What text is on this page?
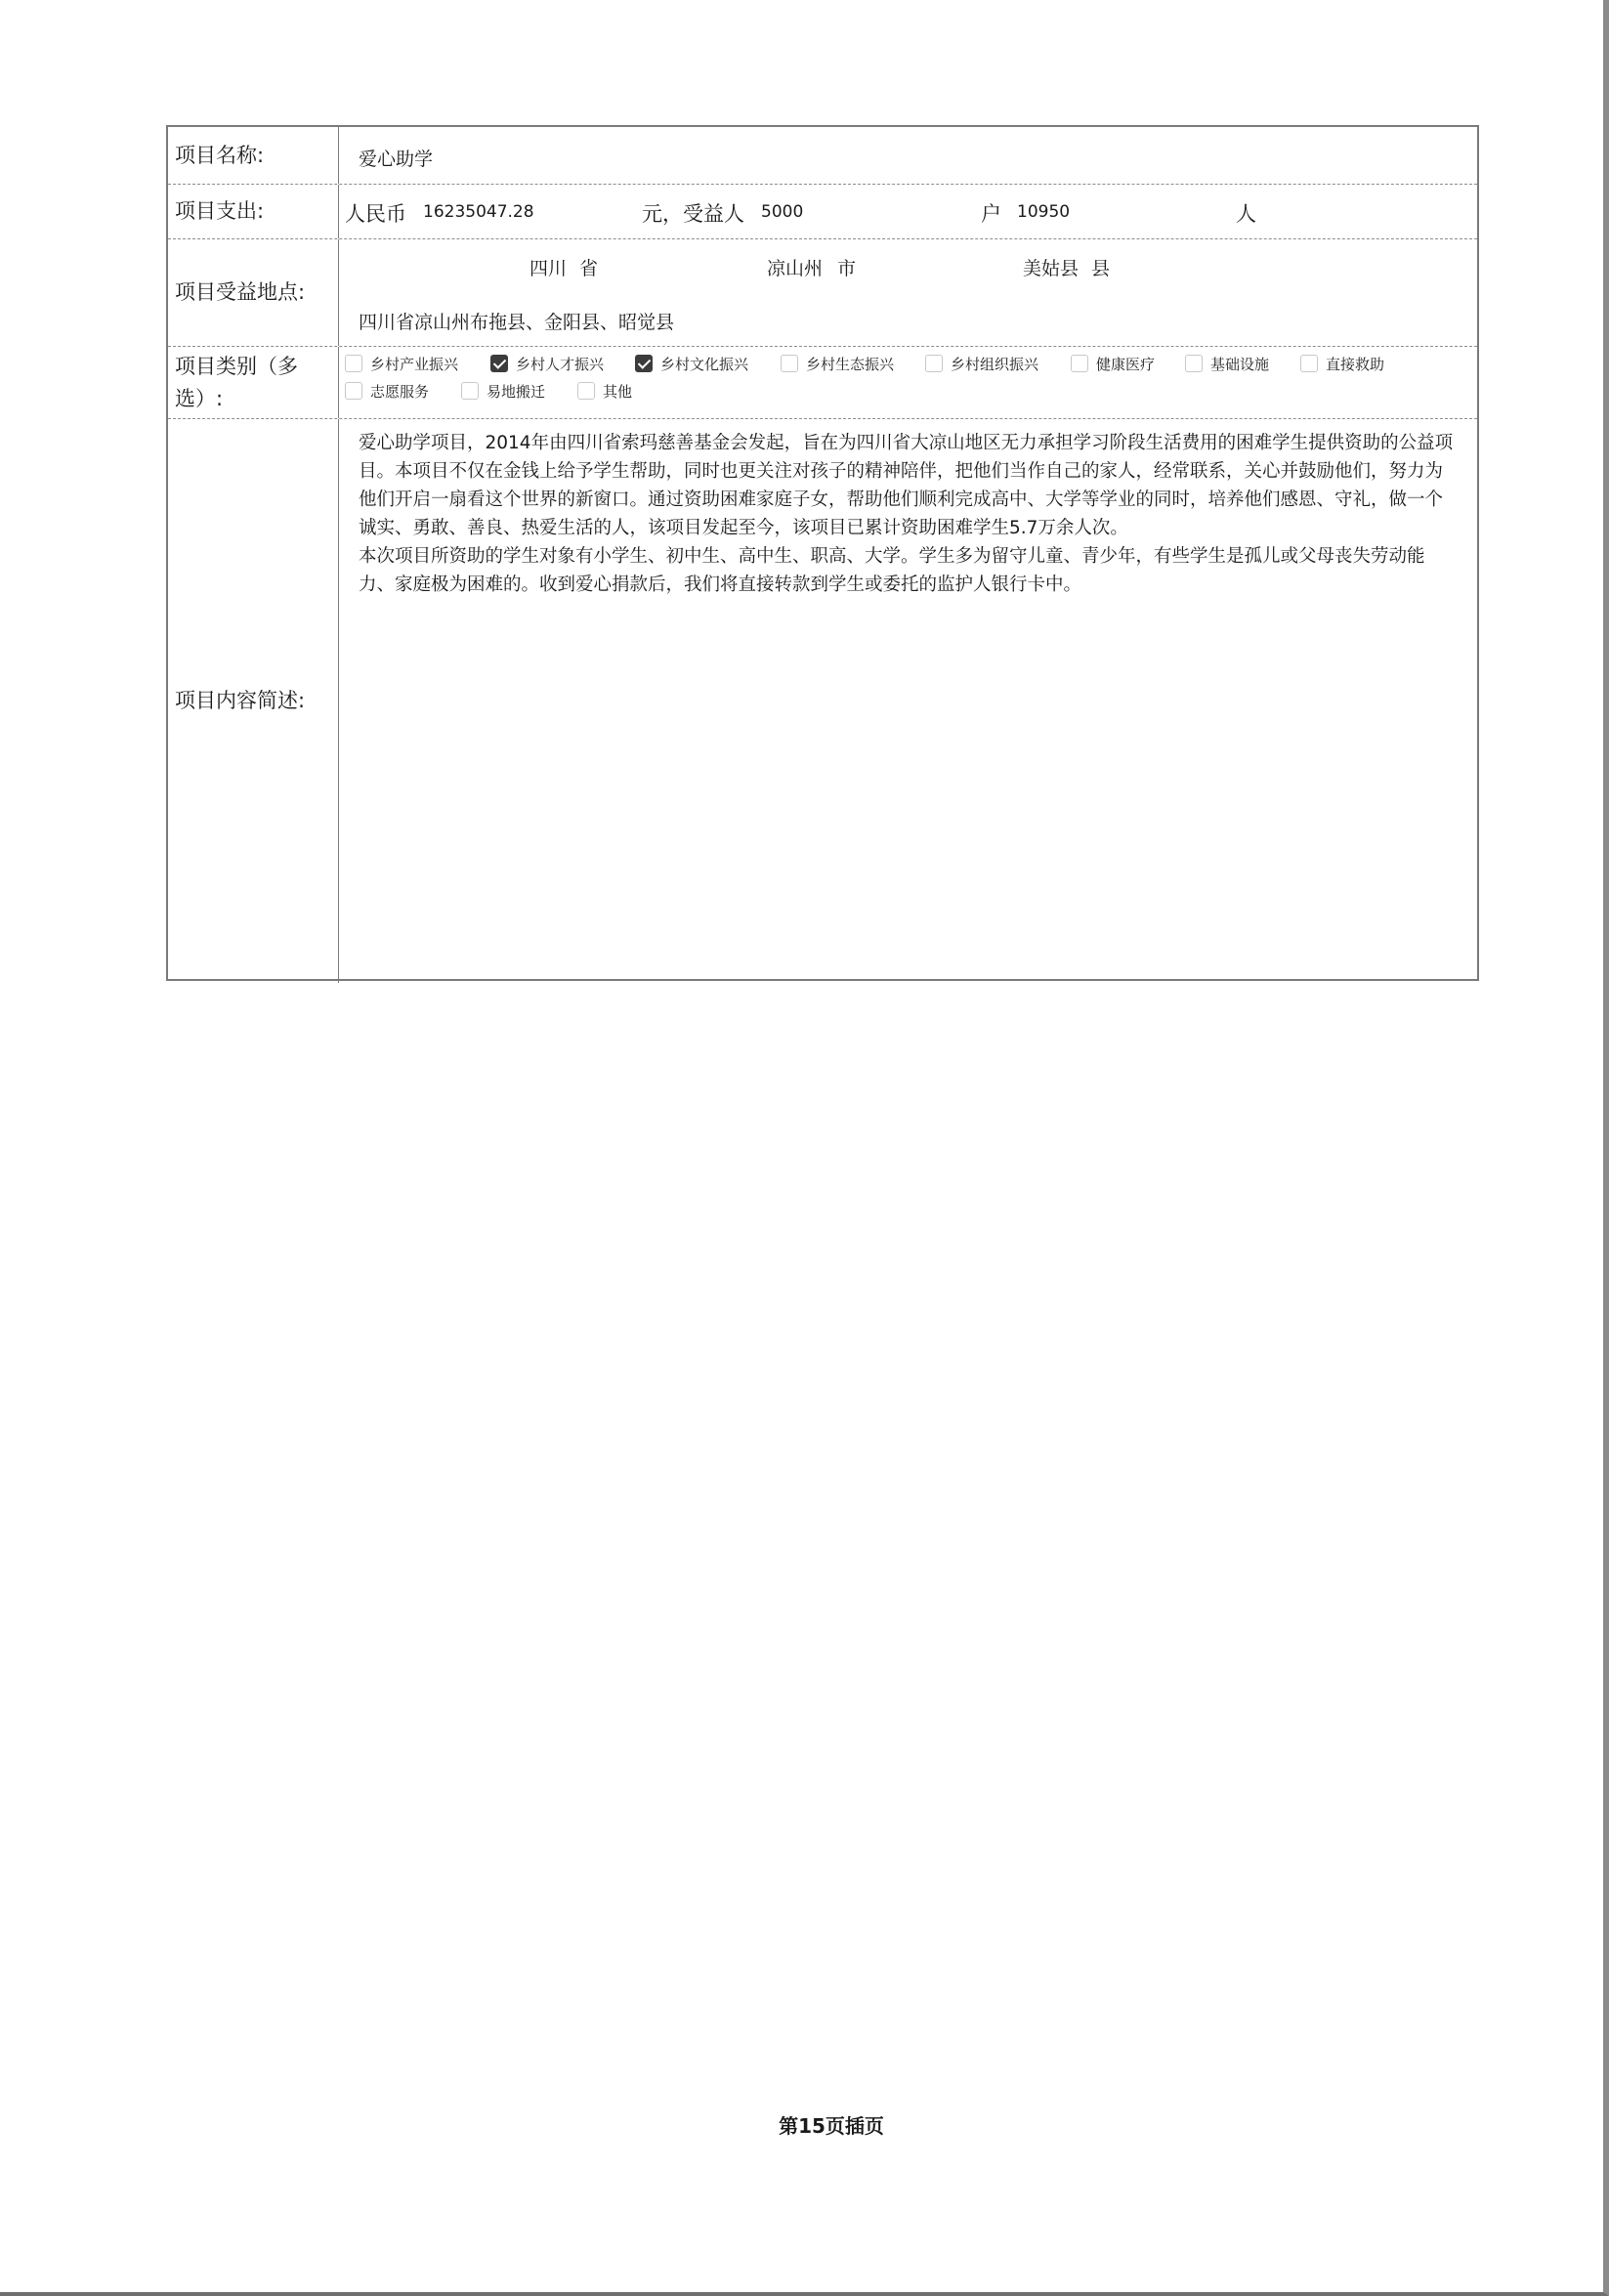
项目名称:	爱心助学
项目支出:	人民币 16235047.28	元，受益人 5000	户 10950	人
项目受益地点:
四川 省	凉山州 市	美姑县 县
四川省凉山州布拖县、金阳县、昭觉县
项目类别（多
选）:
乡村产业振兴	乡村人才振兴	乡村文化振兴	乡村生态振兴	乡村组织振兴	健康医疗	基础设施	直接救助
志愿服务	易地搬迁	其他
项目内容简述:

爱心助学项目，2014年由四川省索玛慈善基金会发起，旨在为四川省大凉山地区无力承担学习阶段生活费用的困难学生提供资助的公益项

目。本项目不仅在金钱上给予学生帮助，同时也更关注对孩子的精神陪伴，把他们当作自己的家人，经常联系，关心并鼓励他们，努力为

他们开启一扇看这个世界的新窗口。通过资助困难家庭子女，帮助他们顺利完成高中、大学等学业的同时，培养他们感恩、守礼，做一个

诚实、勇敢、善良、热爱生活的人，该项目发起至今，该项目已累计资助困难学生5.7万余人次。

本次项目所资助的学生对象有小学生、初中生、高中生、职高、大学。学生多为留守儿童、青少年，有些学生是孤儿或父母丧失劳动能

力、家庭极为困难的。收到爱心捐款后，我们将直接转款到学生或委托的监护人银行卡中。

第15页插页
